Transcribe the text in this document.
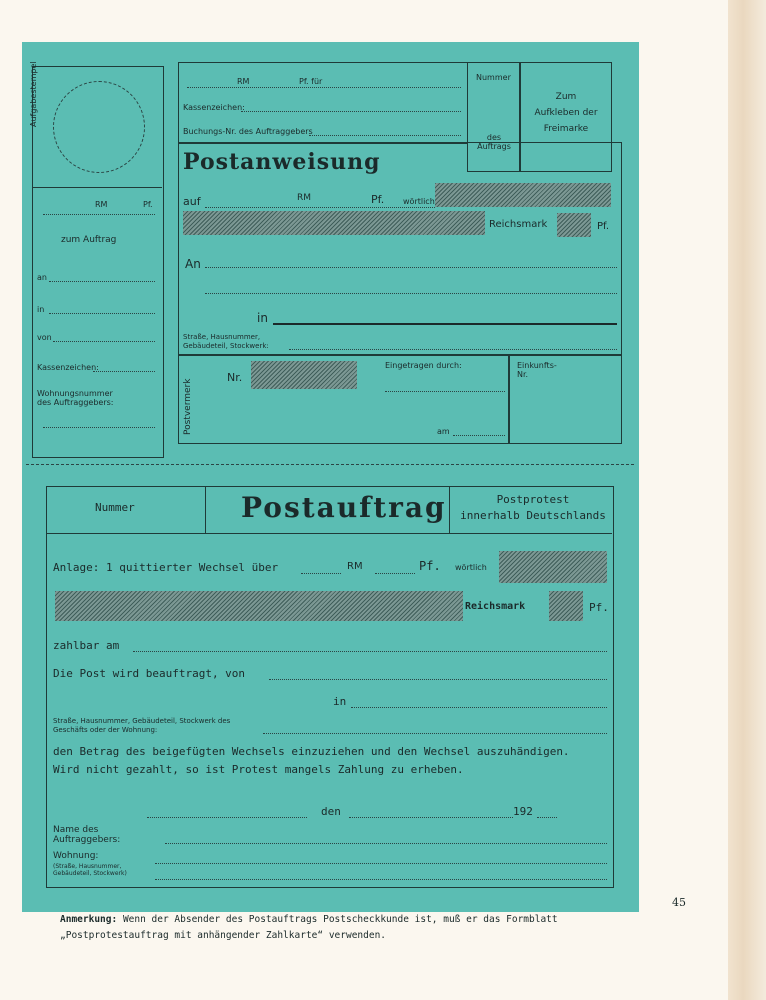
Aufgabestempel
RM	Pf.
zum Auftrag
an
in
von
Kassenzeichen:
Wohnungsnummer des Auftraggebers:
RM	Pf. für
Kassenzeichen:
Buchungs-Nr. des Auftraggebers
Nummer
des Auftrags
Zum Aufkleben der Freimarke
Postanweisung
auf	RM	Pf. wörtlich
Reichsmark	Pf.
An
in
Straße, Hausnummer, Gebäudeteil, Stockwerk:
Postvermerk
Nr.
Eingetragen durch:
am
Einkunfts-Nr.
Nummer	Postauftrag	Postprotest
innerhalb Deutschlands
Anlage: 1 quittierter Wechsel über	RM	Pf. wörtlich
Reichsmark	Pf.
zahlbar am
Die Post wird beauftragt, von
in
Straße, Hausnummer, Gebäudeteil, Stockwerk des Geschäfts oder der Wohnung:
den Betrag des beigefügten Wechsels einzuziehen und den Wechsel auszuhändigen.
Wird nicht gezahlt, so ist Protest mangels Zahlung zu erheben.
den	192
Name des Auftraggebers:
Wohnung:
(Straße, Hausnummer, Gebäudeteil, Stockwerk)
Anmerkung: Wenn der Absender des Postauftrags Postscheckkunde ist, muß er das Formblatt
„Postprotestauftrag mit anhängender Zahlkarte“ verwenden.
45
